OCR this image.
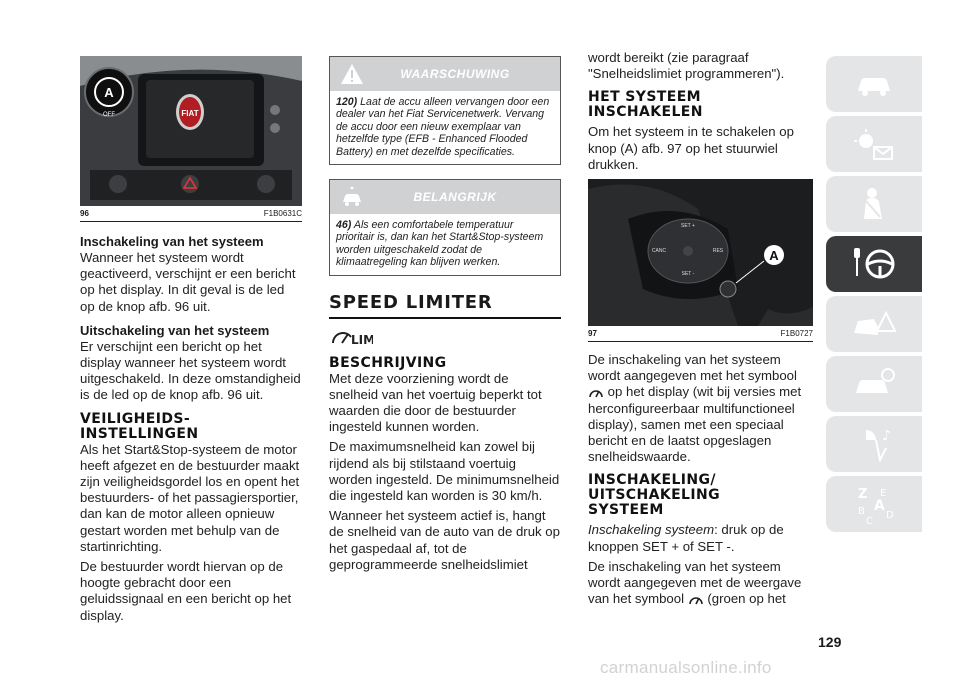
FIAT
A
OFF
96	F1B0631C
Inschakeling van het systeem

Wanneer het systeem wordt geactiveerd, verschijnt er een bericht op het display. In dit geval is de led op de knop afb. 96 uit.

Uitschakeling van het systeem

Er verschijnt een bericht op het display wanneer het systeem wordt uitgeschakeld. In deze omstandigheid is de led op de knop afb. 96 uit.

VEILIGHEIDS- INSTELLINGEN

Als het Start&Stop-systeem de motor heeft afgezet en de bestuurder maakt zijn veiligheidsgordel los en opent het bestuurders- of het passagiersportier, dan kan de motor alleen opnieuw gestart worden met behulp van de startinrichting.

De bestuurder wordt hiervan op de hoogte gebracht door een geluidssignaal en een bericht op het display.

WAARSCHUWING
120) Laat de accu alleen vervangen door een dealer van het Fiat Servicenetwerk. Vervang de accu door een nieuw exemplaar van hetzelfde type (EFB - Enhanced Flooded Battery) en met dezelfde specificaties.
BELANGRIJK
46) Als een comfortabele temperatuur prioritair is, dan kan het Start&Stop-systeem worden uitgeschakeld zodat de klimaatregeling kan blijven werken.
SPEED LIMITER
LIM
BESCHRIJVING

Met deze voorziening wordt de snelheid van het voertuig beperkt tot waarden die door de bestuurder ingesteld kunnen worden.

De maximumsnelheid kan zowel bij rijdend als bij stilstaand voertuig worden ingesteld. De minimumsnelheid die ingesteld kan worden is 30 km/h.

Wanneer het systeem actief is, hangt de snelheid van de auto van de druk op het gaspedaal af, tot de geprogrammeerde snelheidslimiet

wordt bereikt (zie paragraaf "Snelheidslimiet programmeren").

HET SYSTEEM INSCHAKELEN

Om het systeem in te schakelen op knop (A) afb. 97 op het stuurwiel drukken.

SET +
SET -
CANC	RES	A
97	F1B0727

De inschakeling van het systeem wordt aangegeven met het symbool  op het display (wit bij versies met herconfigureerbaar multifunctioneel display), samen met een speciaal bericht en de laatst opgeslagen snelheidswaarde.

INSCHAKELING/ UITSCHAKELING SYSTEEM

Inschakeling systeem: druk op de knoppen SET + of SET -.

De inschakeling van het systeem wordt aangegeven met de weergave van het symbool (groen op het

♪
Z E
A
B
C
D
129
carmanualsonline.info
